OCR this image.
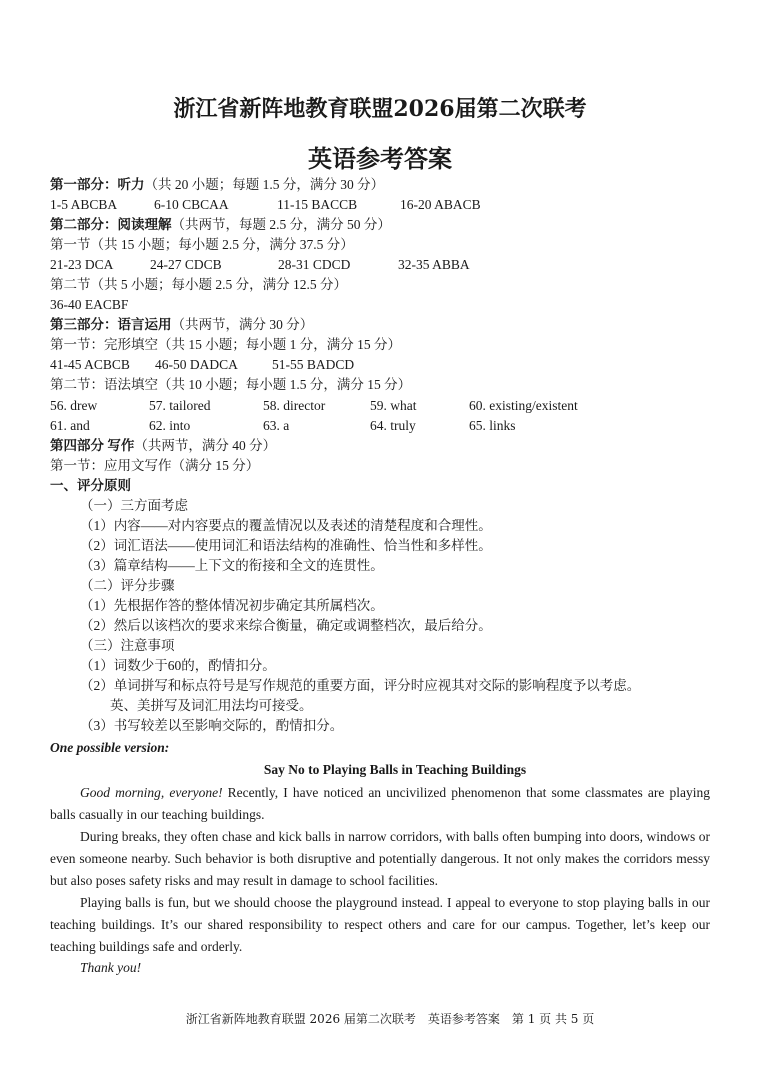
浙江省新阵地教育联盟2026届第二次联考
英语参考答案
第一部分：听力（共 20 小题；每题 1.5 分，满分 30 分）
1-5 ABCBA	6-10 CBCAA	11-15 BACCB	16-20 ABACB
第二部分：阅读理解（共两节，每题 2.5 分，满分 50 分）
第一节（共 15 小题；每小题 2.5 分，满分 37.5 分）
21-23 DCA	24-27 CDCB	28-31 CDCD	32-35 ABBA
第二节（共 5 小题；每小题 2.5 分，满分 12.5 分）
36-40 EACBF
第三部分：语言运用（共两节，满分 30 分）
第一节：完形填空（共 15 小题；每小题 1 分，满分 15 分）
41-45 ACBCB 46-50 DADCA	51-55 BADCD
第二节：语法填空（共 10 小题；每小题 1.5 分，满分 15 分）
56. drew	57. tailored	58. director	59. what	60. existing/existent
61. and	62. into	63. a	64. truly	65. links
第四部分 写作（共两节，满分 40 分）
第一节：应用文写作（满分 15 分）
一、评分原则
（一）三方面考虑
（1）内容——对内容要点的覆盖情况以及表述的清楚程度和合理性。
（2）词汇语法——使用词汇和语法结构的准确性、恰当性和多样性。
（3）篇章结构——上下文的衔接和全文的连贯性。
（二）评分步骤
（1）先根据作答的整体情况初步确定其所属档次。
（2）然后以该档次的要求来综合衡量，确定或调整档次，最后给分。
（三）注意事项
（1）词数少于60的，酌情扣分。
（2）单词拼写和标点符号是写作规范的重要方面，评分时应视其对交际的影响程度予以考虑。
英、美拼写及词汇用法均可接受。
（3）书写较差以至影响交际的，酌情扣分。
One possible version:
Say No to Playing Balls in Teaching Buildings
Good morning, everyone! Recently, I have noticed an uncivilized phenomenon that some classmates are playing balls casually in our teaching buildings.
During breaks, they often chase and kick balls in narrow corridors, with balls often bumping into doors, windows or even someone nearby. Such behavior is both disruptive and potentially dangerous. It not only makes the corridors messy but also poses safety risks and may result in damage to school facilities.
Playing balls is fun, but we should choose the playground instead. I appeal to everyone to stop playing balls in our teaching buildings. It’s our shared responsibility to respect others and care for our campus. Together, let’s keep our teaching buildings safe and orderly.
Thank you!
浙江省新阵地教育联盟 2026 届第二次联考　英语参考答案　第 1 页 共 5 页
